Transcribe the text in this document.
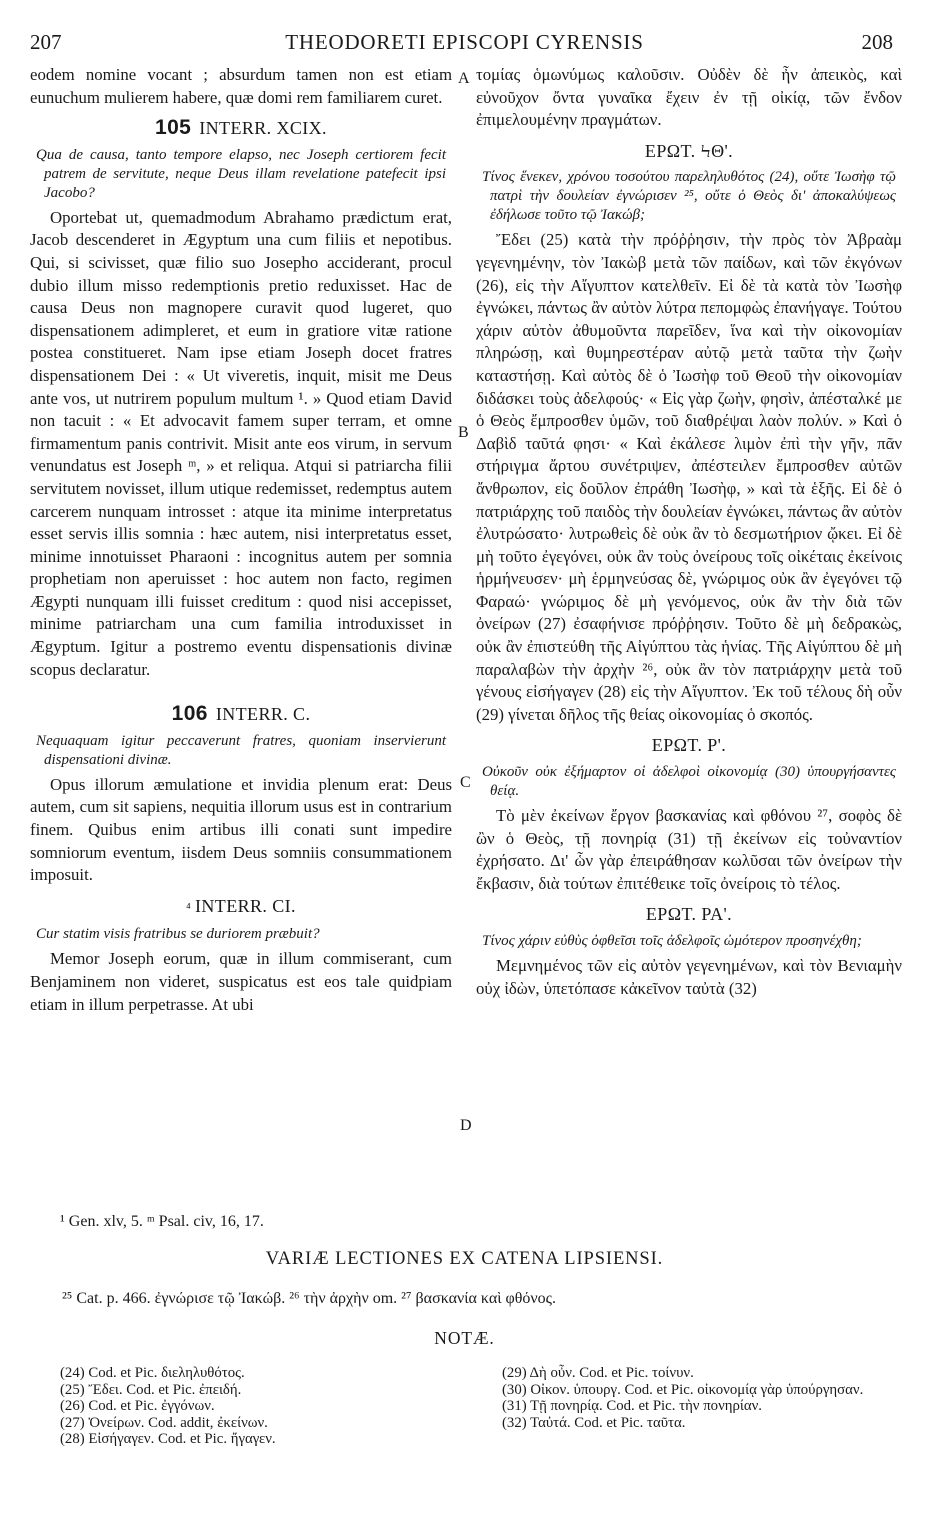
207	THEODORETI EPISCOPI CYRENSIS	208

eodem nomine vocant ; absurdum tamen non est etiam eunuchum mulierem habere, quæ domi rem familiarem curet.

105 INTERR. XCIX.

Qua de causa, tanto tempore elapso, nec Joseph certiorem fecit patrem de servitute, neque Deus illam revelatione patefecit ipsi Jacobo?

Oportebat ut, quemadmodum Abrahamo prædictum erat, Jacob descenderet in Ægyptum una cum filiis et nepotibus. Qui, si scivisset, quæ filio suo Josepho acciderant, procul dubio illum misso redemptionis pretio reduxisset. Hac de causa Deus non magnopere curavit quod lugeret, quo dispensationem adimpleret, et eum in gratiore vitæ ratione postea constitueret. Nam ipse etiam Joseph docet fratres dispensationem Dei : « Ut viveretis, inquit, misit me Deus ante vos, ut nutrirem populum multum ¹. » Quod etiam David non tacuit : « Et advocavit famem super terram, et omne firmamentum panis contrivit. Misit ante eos virum, in servum venundatus est Joseph ᵐ, » et reliqua. Atqui si patriarcha filii servitutem novisset, illum utique redemisset, redemptus autem carcerem nunquam introsset : atque ita minime interpretatus esset servis illis somnia : hæc autem, nisi interpretatus esset, minime innotuisset Pharaoni : incognitus autem per somnia prophetiam non aperuisset : hoc autem non facto, regimen Ægypti nunquam illi fuisset creditum : quod nisi accepisset, minime patriarcham una cum familia introduxisset in Ægyptum. Igitur a postremo eventu dispensationis divinæ scopus declaratur.

106 INTERR. C.

Nequaquam igitur peccaverunt fratres, quoniam inservierunt dispensationi divinæ.

Opus illorum æmulatione et invidia plenum erat: Deus autem, cum sit sapiens, nequitia illorum usus est in contrarium finem. Quibus enim artibus illi conati sunt impedire somniorum eventum, iisdem Deus somniis consummationem imposuit.

⁴ INTERR. CI.

Cur statim visis fratribus se duriorem præbuit?

Memor Joseph eorum, quæ in illum commiserant, cum Benjaminem non videret, suspicatus est eos tale quidpiam etiam in illum perpetrasse. At ubi

τομίας ὁμωνύμως καλοῦσιν. Οὐδὲν δὲ ἦν ἀπεικὸς, καὶ εὐνοῦχον ὄντα γυναῖκα ἔχειν ἐν τῇ οἰκίᾳ, τῶν ἔνδον ἐπιμελουμένην πραγμάτων.

ΕΡΩΤ. ϞΘ'.

Τίνος ἕνεκεν, χρόνου τοσούτου παρεληλυθότος (24), οὔτε Ἰωσὴφ τῷ πατρὶ τὴν δουλείαν ἐγνώρισεν ²⁵, οὔτε ὁ Θεὸς δι' ἀποκαλύψεως ἐδήλωσε τοῦτο τῷ Ἰακώβ;

Ἔδει (25) κατὰ τὴν πρόῤῥησιν, τὴν πρὸς τὸν Ἀβραὰμ γεγενημένην, τὸν Ἰακὼβ μετὰ τῶν παίδων, καὶ τῶν ἐκγόνων (26), εἰς τὴν Αἴγυπτον κατελθεῖν. Εἰ δὲ τὰ κατὰ τὸν Ἰωσὴφ ἐγνώκει, πάντως ἂν αὐτὸν λύτρα πεπομφὼς ἐπανήγαγε. Τούτου χάριν αὐτὸν ἀθυμοῦντα παρεῖδεν, ἵνα καὶ τὴν οἰκονομίαν πληρώσῃ, καὶ θυμηρεστέραν αὐτῷ μετὰ ταῦτα τὴν ζωὴν καταστήσῃ. Καὶ αὐτὸς δὲ ὁ Ἰωσὴφ τοῦ Θεοῦ τὴν οἰκονομίαν διδάσκει τοὺς ἀδελφούς· « Εἰς γὰρ ζωὴν, φησὶν, ἀπέσταλκέ με ὁ Θεὸς ἔμπροσθεν ὑμῶν, τοῦ διαθρέψαι λαὸν πολύν. » Καὶ ὁ Δαβὶδ ταῦτά φησι· « Καὶ ἐκάλεσε λιμὸν ἐπὶ τὴν γῆν, πᾶν στήριγμα ἄρτου συνέτριψεν, ἀπέστειλεν ἔμπροσθεν αὐτῶν ἄνθρωπον, εἰς δοῦλον ἐπράθη Ἰωσὴφ, » καὶ τὰ ἑξῆς. Εἰ δὲ ὁ πατριάρχης τοῦ παιδὸς τὴν δουλείαν ἐγνώκει, πάντως ἂν αὐτὸν ἐλυτρώσατο· λυτρωθεὶς δὲ οὐκ ἂν τὸ δεσμωτήριον ᾤκει. Εἰ δὲ μὴ τοῦτο ἐγεγόνει, οὐκ ἂν τοὺς ὀνείρους τοῖς οἰκέταις ἐκείνοις ἡρμήνευσεν· μὴ ἑρμηνεύσας δὲ, γνώριμος οὐκ ἂν ἐγεγόνει τῷ Φαραώ· γνώριμος δὲ μὴ γενόμενος, οὐκ ἂν τὴν διὰ τῶν ὀνείρων (27) ἐσαφήνισε πρόῤῥησιν. Τοῦτο δὲ μὴ δεδρακὼς, οὐκ ἂν ἐπιστεύθη τῆς Αἰγύπτου τὰς ἡνίας. Τῆς Αἰγύπτου δὲ μὴ παραλαβὼν τὴν ἀρχὴν ²⁶, οὐκ ἂν τὸν πατριάρχην μετὰ τοῦ γένους εἰσήγαγεν (28) εἰς τὴν Αἴγυπτον. Ἐκ τοῦ τέλους δὴ οὖν (29) γίνεται δῆλος τῆς θείας οἰκονομίας ὁ σκοπός.

ΕΡΩΤ. Ρ'.

Οὐκοῦν οὐκ ἐξήμαρτον οἱ ἀδελφοὶ οἰκονομίᾳ (30) ὑπουργήσαντες θείᾳ.

Τὸ μὲν ἐκείνων ἔργον βασκανίας καὶ φθόνου ²⁷, σοφὸς δὲ ὢν ὁ Θεὸς, τῇ πονηρίᾳ (31) τῇ ἐκείνων εἰς τοὐναντίον ἐχρήσατο. Δι' ὧν γὰρ ἐπειράθησαν κωλῦσαι τῶν ὀνείρων τὴν ἔκβασιν, διὰ τούτων ἐπιτέθεικε τοῖς ὀνείροις τὸ τέλος.

ΕΡΩΤ. ΡΑ'.

Τίνος χάριν εὐθὺς ὀφθεῖσι τοῖς ἀδελφοῖς ὠμότερον προσηνέχθη;

Μεμνημένος τῶν εἰς αὐτὸν γεγενημένων, καὶ τὸν Βενιαμὴν οὐχ ἰδὼν, ὑπετόπασε κἀκεῖνον ταὐτὰ (32)

A
B
C
D
¹ Gen. xlv, 5. ᵐ Psal. civ, 16, 17.
VARIÆ LECTIONES EX CATENA LIPSIENSI.
²⁵ Cat. p. 466. ἐγνώρισε τῷ Ἰακώβ. ²⁶ τὴν ἀρχὴν om. ²⁷ βασκανία καὶ φθόνος.
NOTÆ.
(24) Cod. et Pic. διεληλυθότος.
(25) Ἔδει. Cod. et Pic. ἐπειδή.
(26) Cod. et Pic. ἐγγόνων.
(27) Ὀνείρων. Cod. addit, ἐκείνων.
(28) Εἰσήγαγεν. Cod. et Pic. ἤγαγεν.
(29) Δὴ οὖν. Cod. et Pic. τοίνυν.
(30) Οἰκον. ὑπουργ. Cod. et Pic. οἰκονομίᾳ γὰρ ὑπούργησαν.
(31) Τῇ πονηρίᾳ. Cod. et Pic. τὴν πονηρίαν.
(32) Ταὐτά. Cod. et Pic. ταῦτα.
